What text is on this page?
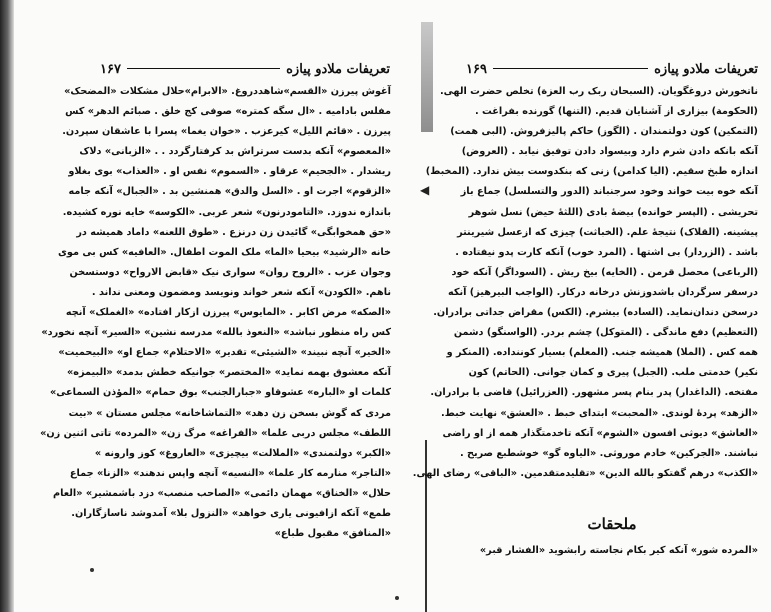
◀
تعریفات ملادو پیازه
۱۶۷	تعریفات ملادو پیازه
۱۶۹
آغوش پیرزن «القسم»شاهددروغ. «الابرام»حلال مشکلات «المضحک»
مفلس بادامیه . «ال سگه کمتره» صوفی کج خلق . صبائم الدهر» کس
پیرزن . «قائم الليل» کیرعزب . «خوان یغما» پسرا با عاشقان سپردن.
«المعصوم» آنکه بدست سرتراش بد کرفتارگردد . . «الزبانی» دلاک
ریشدار . «الجحیم» عرقاو . «السموم» نفس او . «العذاب» بوی بغلاو
«الزقوم» اجرت او . «السل والدق» همنشین بد . «الجبال» آنکه جامه
باندازه ندوزد. «التامودرنون» شعر عربی. «الکوسه» خایه نوره کشیده.
«حق همخوابگی» گائیدن زن درنزع . «طوق اللعنه» داماد همیشه در
خانه «الرشید» بیحیا «الما» ملک الموت اطفال. «العافیه» کس بی موی
وجوان عزب . «الروح روان» سواری نیک «قابض الارواح» دوستسخن
ناهم. «الکودن» آنکه شعر خواند ونویسد ومضمون ومعنی نداند .
«الصکه» مرض اکابر . «المایوس» پیرزن ازکار افتاده» «الغملک» آنچه
کس راه منظور نباشد» «النعوذ بالله» مدرسه نشین» «السیر» آنچه نخورد»
«الخیر» آنچه نبیند» «الشیئی» تقدیر» «الاحتلام» جماع او» «البیحمیت»
آنکه معشوق بهمه نماید» «المختصر» جوانیکه خطش بدمد» «البیمزه»
کلمات او «الباره» عشوقاو «جبارالجنب» بوق حمام» «المؤذن السماعی»
مردی که گوش بسخن زن دهد» «التماشاخانه» مجلس مستان » «بیت
اللطف» مجلس دربی علما» «الفراغه» مرگ زن» «المرده» تاتی اثنین زن»
«الکبر» دولتمندی» «الملالت» بیچیزی» «العاروغ» کوز وارونه »
«التاجر» منارمه کار علما» «النسیه» آنچه واپس ندهند» «الزنا» جماع
حلال» «الخناق» مهمان دائمی» «الصاحب منصب» دزد باشمشیر» «العام
طمع» آنکه ازافیونی یاری خواهد» «النزول بلا» آمدوشد ناسازگاران.
«المنافق» مقبول طباع»
ناتخورش دروغگویان. (السبحان ربک رب العزة) تخلص حضرت الهی.
(الحکومة) بیزاری از آشنایان قدیم. (التنها) گورنده بفراغت .
(التمکین) کون دولتمندان . (الگوز) حاکم پالیزفروش. (البی همت)
آنکه بانکه دادن شرم دارد وبیسواد دادن توفیق نیابد . (العروض)
اندازه طبخ سقیم. (الیا کدامن) زنی که بنکدوست بیش ندارد. (المخبط)
آنکه خوه بیت خواند وخود سرجنباند (الدور والتسلسل) جماع باز
تحریشی . (الپسر خوانده) بیضهٔ بادی (اللثهٔ حیض) نسل شوهر
پیشینه. (القلاک) نتیجهٔ علم. (الخباثت) چیزی که ازعسل شیرینتر
باشد . (الزردار) بی اشتها . (المرد خوب) آنکه کارت پدو نیفتاده .
(الرباعی) محصل قرمن . (الخایه) بیخ ریش . (السوداگر) آنکه خود
درسفر سرگردان باشدوزنش درخانه درکار. (الواجب البیرهیز) آنکه
درسخن دندان‌نماید. (الساده) بیشرم. (الکس) مقراض جداتی برادران.
(التعظیم) دفع ماندگی . (المتوکل) چشم بردر. (الواسنگو) دشمن
همه کس . (الملا) همیشه جنب. (المعلم) بسیار کوننداده. (المنکر و
نکیر) خدمتی ملب. (الجبل) پیری و کمان جوانی. (الحاتم) کون
مفتخه. (الداغدار) پدر بنام پسر مشهور. (العزرائیل) قاضی با برادران.
«الزهد» پردهٔ لوندی. «المحبت» ابتدای خبط . «العشق» نهایت خبط.
«العاشق» دیوثی افسون «الشوم» آنکه تاخدمتگذار همه از او راضی
نباشند. «الجرکین» خادم موروثی. «الیاوه گو» خوشطبع صریح .
«الکذب» درهم گفتکو بالله الدین» «تقلیدمتقدمین. «الباقی» رضای الهی.
ملحقات
«المرده شور» آنکه کیر بکام نجاسته رابشوید «الفشار قبر»
